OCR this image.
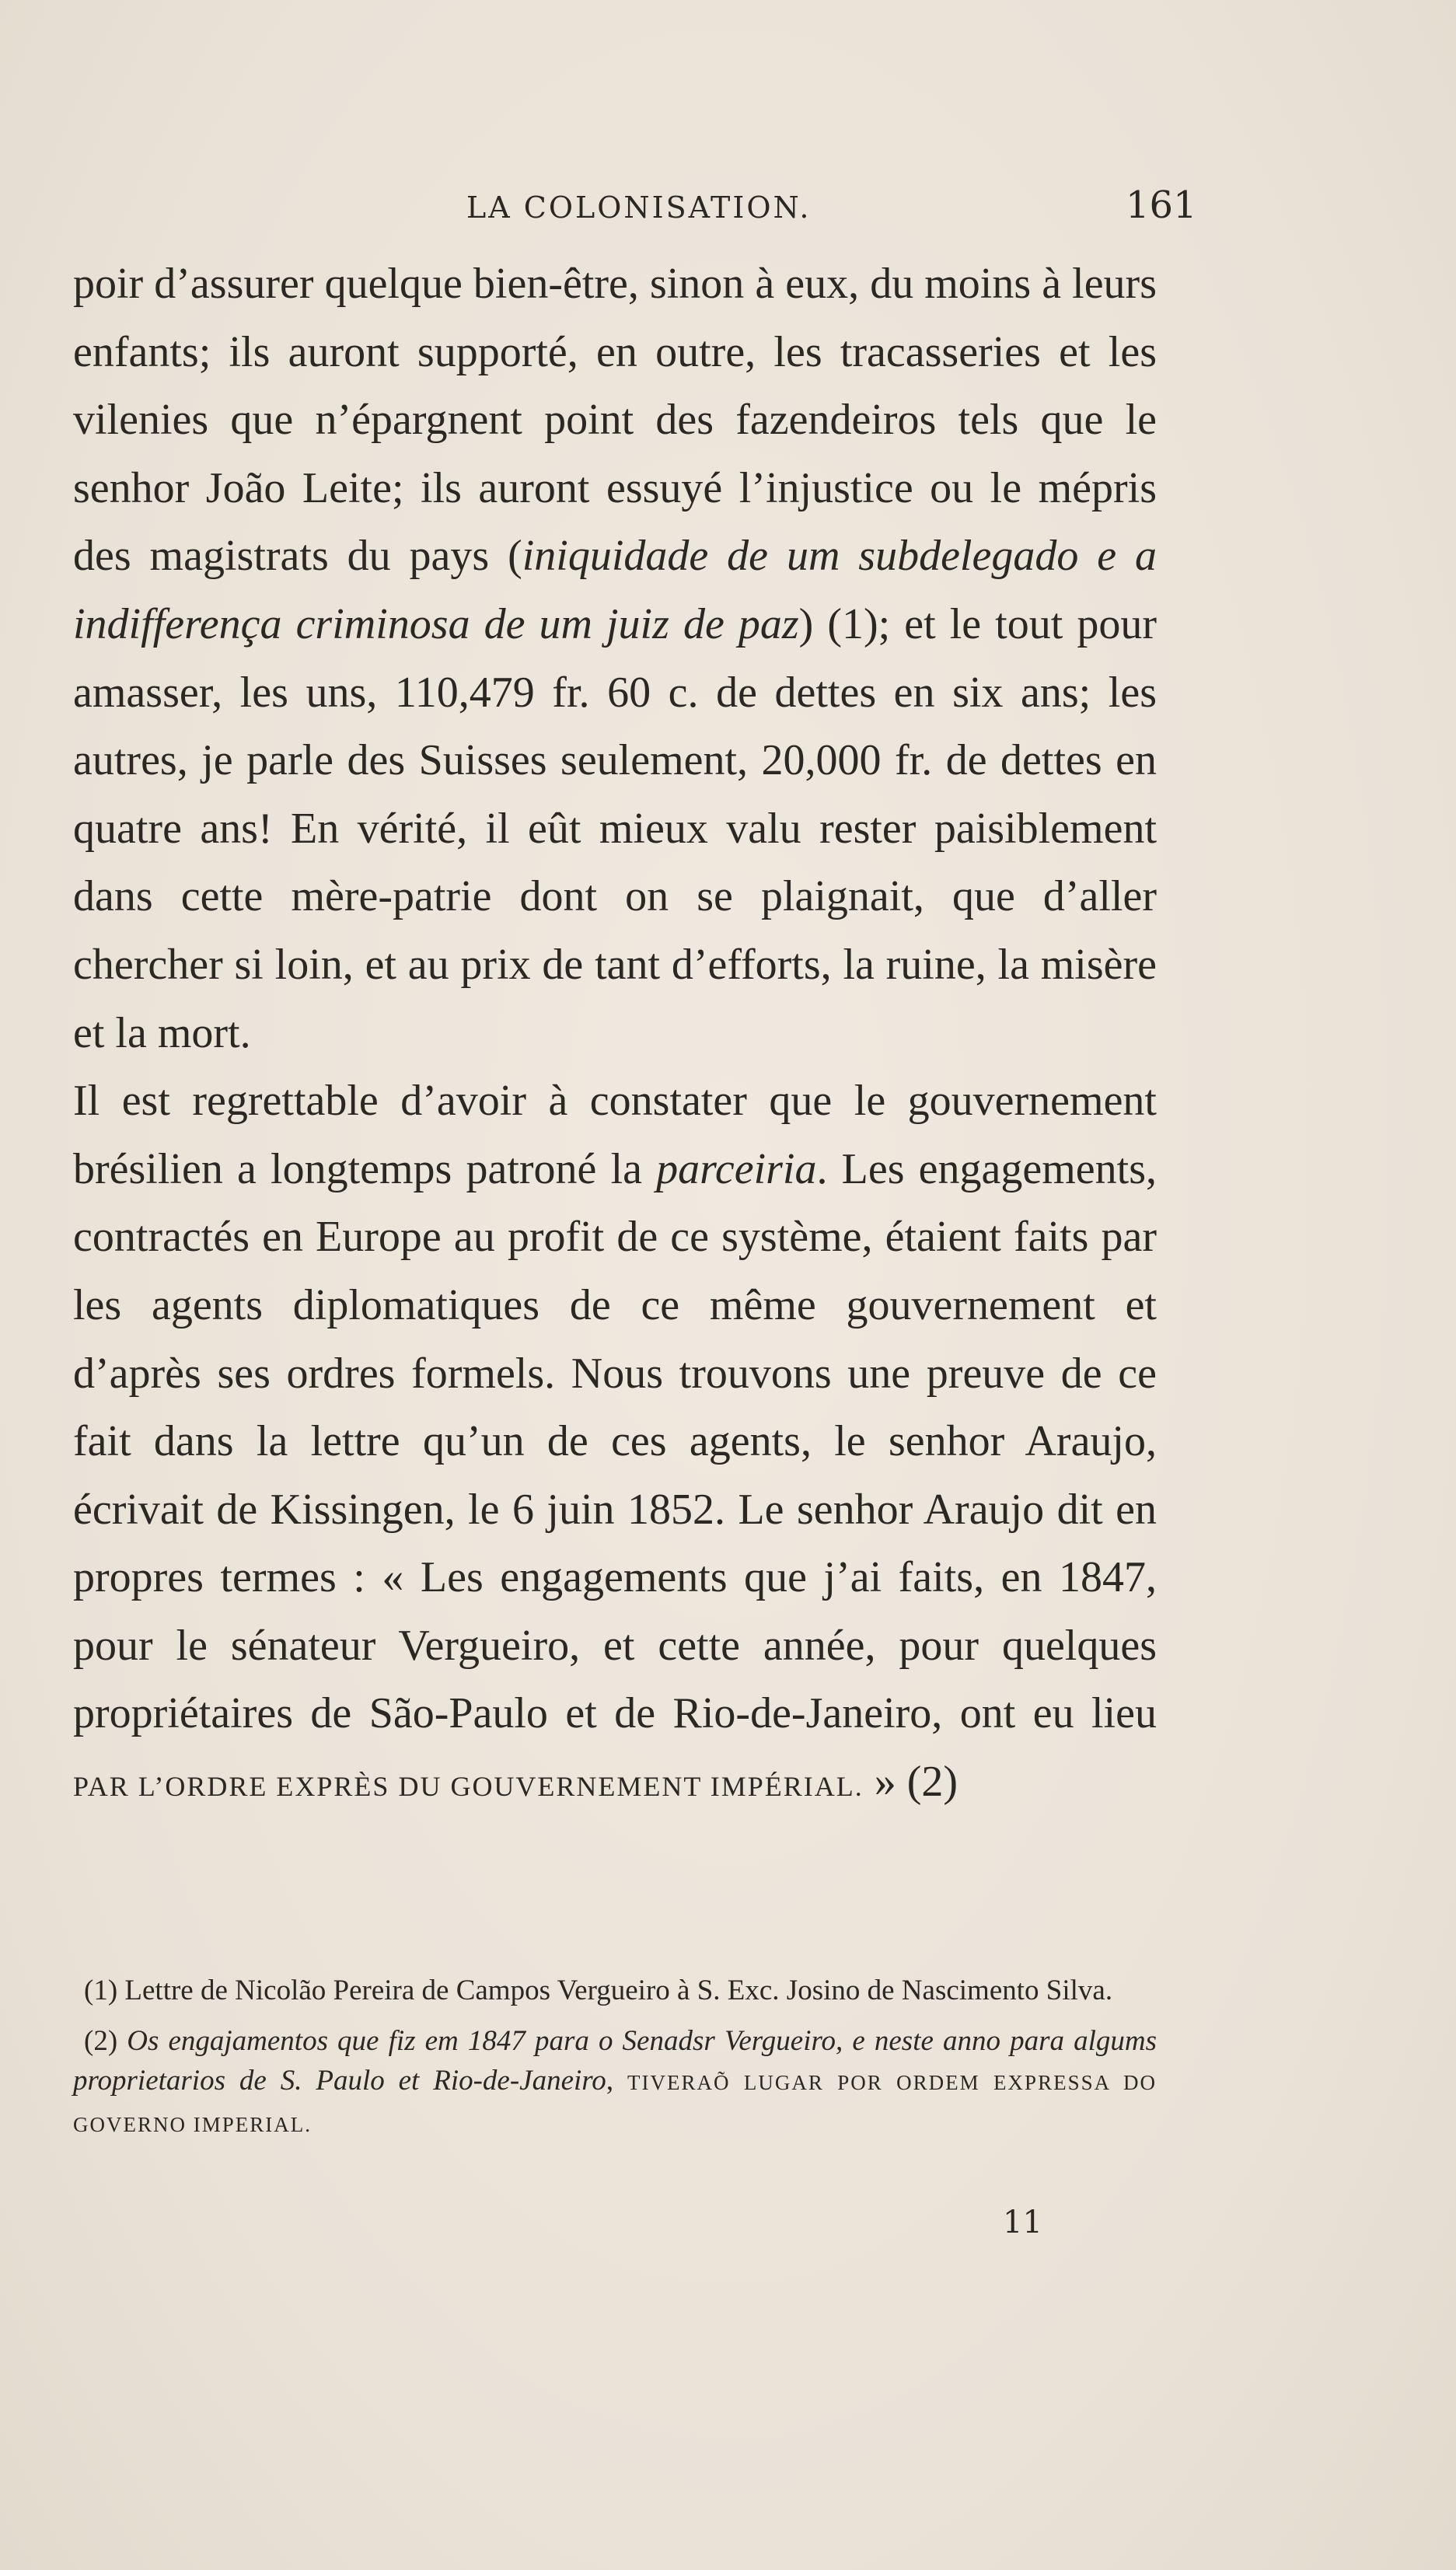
LA COLONISATION.	161

poir d’assurer quelque bien-être, sinon à eux, du moins à leurs enfants; ils auront supporté, en outre, les tracasseries et les vilenies que n’épargnent point des fazendeiros tels que le senhor João Leite; ils auront essuyé l’injustice ou le mépris des magistrats du pays (iniquidade de um subdelegado e a indifferença criminosa de um juiz de paz) (1); et le tout pour amasser, les uns, 110,479 fr. 60 c. de dettes en six ans; les autres, je parle des Suisses seulement, 20,000 fr. de dettes en quatre ans! En vérité, il eût mieux valu rester paisiblement dans cette mère-patrie dont on se plaignait, que d’aller chercher si loin, et au prix de tant d’efforts, la ruine, la misère et la mort.

Il est regrettable d’avoir à constater que le gouvernement brésilien a longtemps patroné la parceiria. Les engagements, contractés en Europe au profit de ce système, étaient faits par les agents diplomatiques de ce même gouvernement et d’après ses ordres formels. Nous trouvons une preuve de ce fait dans la lettre qu’un de ces agents, le senhor Araujo, écrivait de Kissingen, le 6 juin 1852. Le senhor Araujo dit en propres termes : « Les engagements que j’ai faits, en 1847, pour le sénateur Vergueiro, et cette année, pour quelques propriétaires de São-Paulo et de Rio-de-Janeiro, ont eu lieu PAR L’ORDRE EXPRÈS DU GOUVERNEMENT IMPÉRIAL. » (2)

(1) Lettre de Nicolão Pereira de Campos Vergueiro à S. Exc. Josino de Nascimento Silva.

(2) Os engajamentos que fiz em 1847 para o Senadsr Vergueiro, e neste anno para algums proprietarios de S. Paulo et Rio-de-Janeiro, TIVERAÕ LUGAR POR ORDEM EXPRESSA DO GOVERNO IMPERIAL.

11
